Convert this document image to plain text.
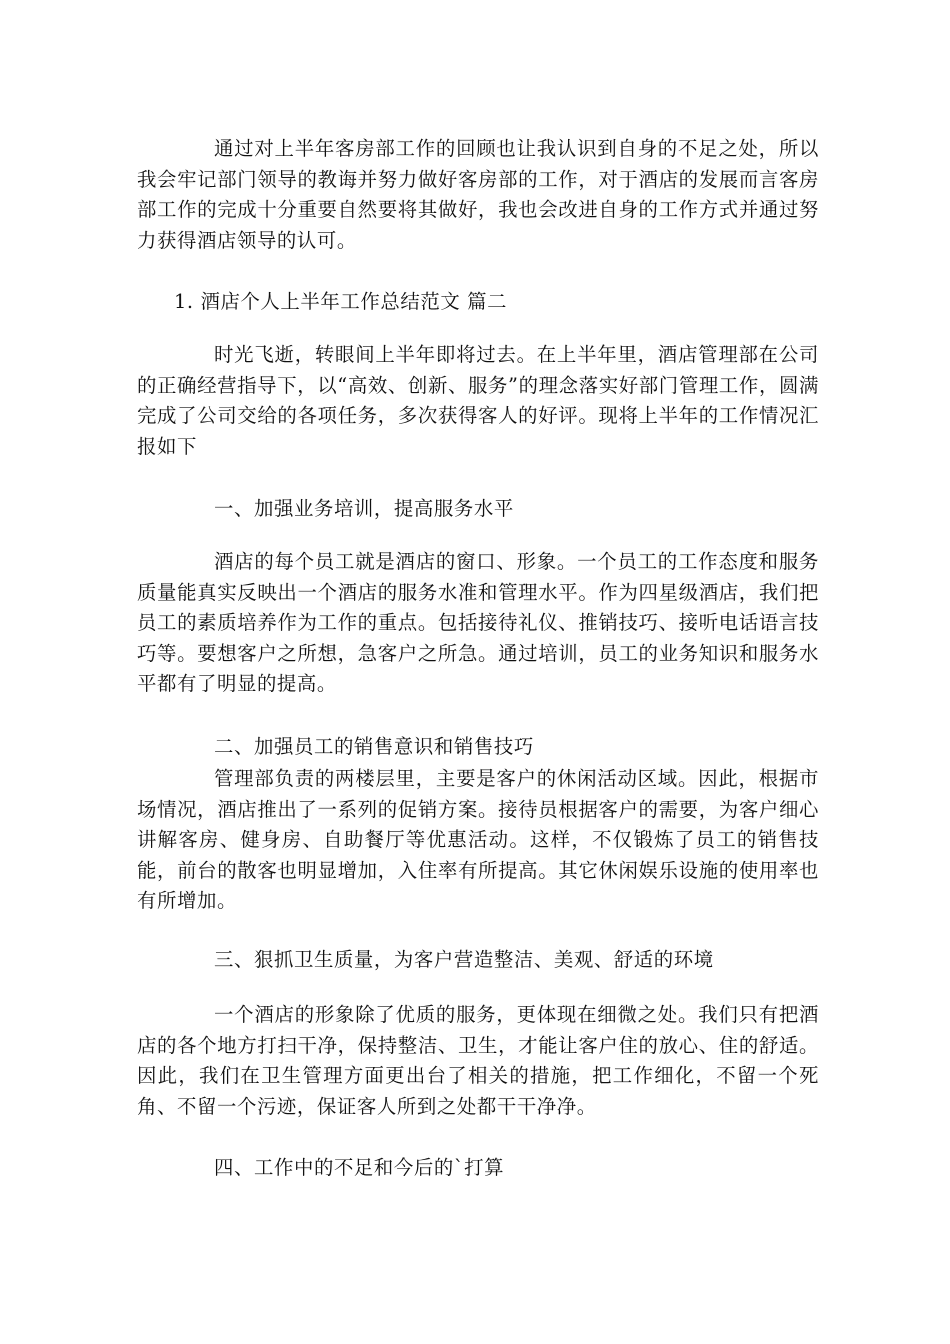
通过对上半年客房部工作的回顾也让我认识到自身的不足之处，所以我会牢记部门领导的教诲并努力做好客房部的工作，对于酒店的发展而言客房部工作的完成十分重要自然要将其做好，我也会改进自身的工作方式并通过努力获得酒店领导的认可。

1. 酒店个人上半年工作总结范文 篇二

时光飞逝，转眼间上半年即将过去。在上半年里，酒店管理部在公司的正确经营指导下，以“高效、创新、服务”的理念落实好部门管理工作，圆满完成了公司交给的各项任务，多次获得客人的好评。现将上半年的工作情况汇报如下

一、加强业务培训，提高服务水平

酒店的每个员工就是酒店的窗口、形象。一个员工的工作态度和服务质量能真实反映出一个酒店的服务水准和管理水平。作为四星级酒店，我们把员工的素质培养作为工作的重点。包括接待礼仪、推销技巧、接听电话语言技巧等。要想客户之所想，急客户之所急。通过培训，员工的业务知识和服务水平都有了明显的提高。

二、加强员工的销售意识和销售技巧

管理部负责的两楼层里，主要是客户的休闲活动区域。因此，根据市场情况，酒店推出了一系列的促销方案。接待员根据客户的需要，为客户细心讲解客房、健身房、自助餐厅等优惠活动。这样，不仅锻炼了员工的销售技能，前台的散客也明显增加，入住率有所提高。其它休闲娱乐设施的使用率也有所增加。

三、狠抓卫生质量，为客户营造整洁、美观、舒适的环境

一个酒店的形象除了优质的服务，更体现在细微之处。我们只有把酒店的各个地方打扫干净，保持整洁、卫生，才能让客户住的放心、住的舒适。因此，我们在卫生管理方面更出台了相关的措施，把工作细化，不留一个死角、不留一个污迹，保证客人所到之处都干干净净。

四、工作中的不足和今后的`打算
